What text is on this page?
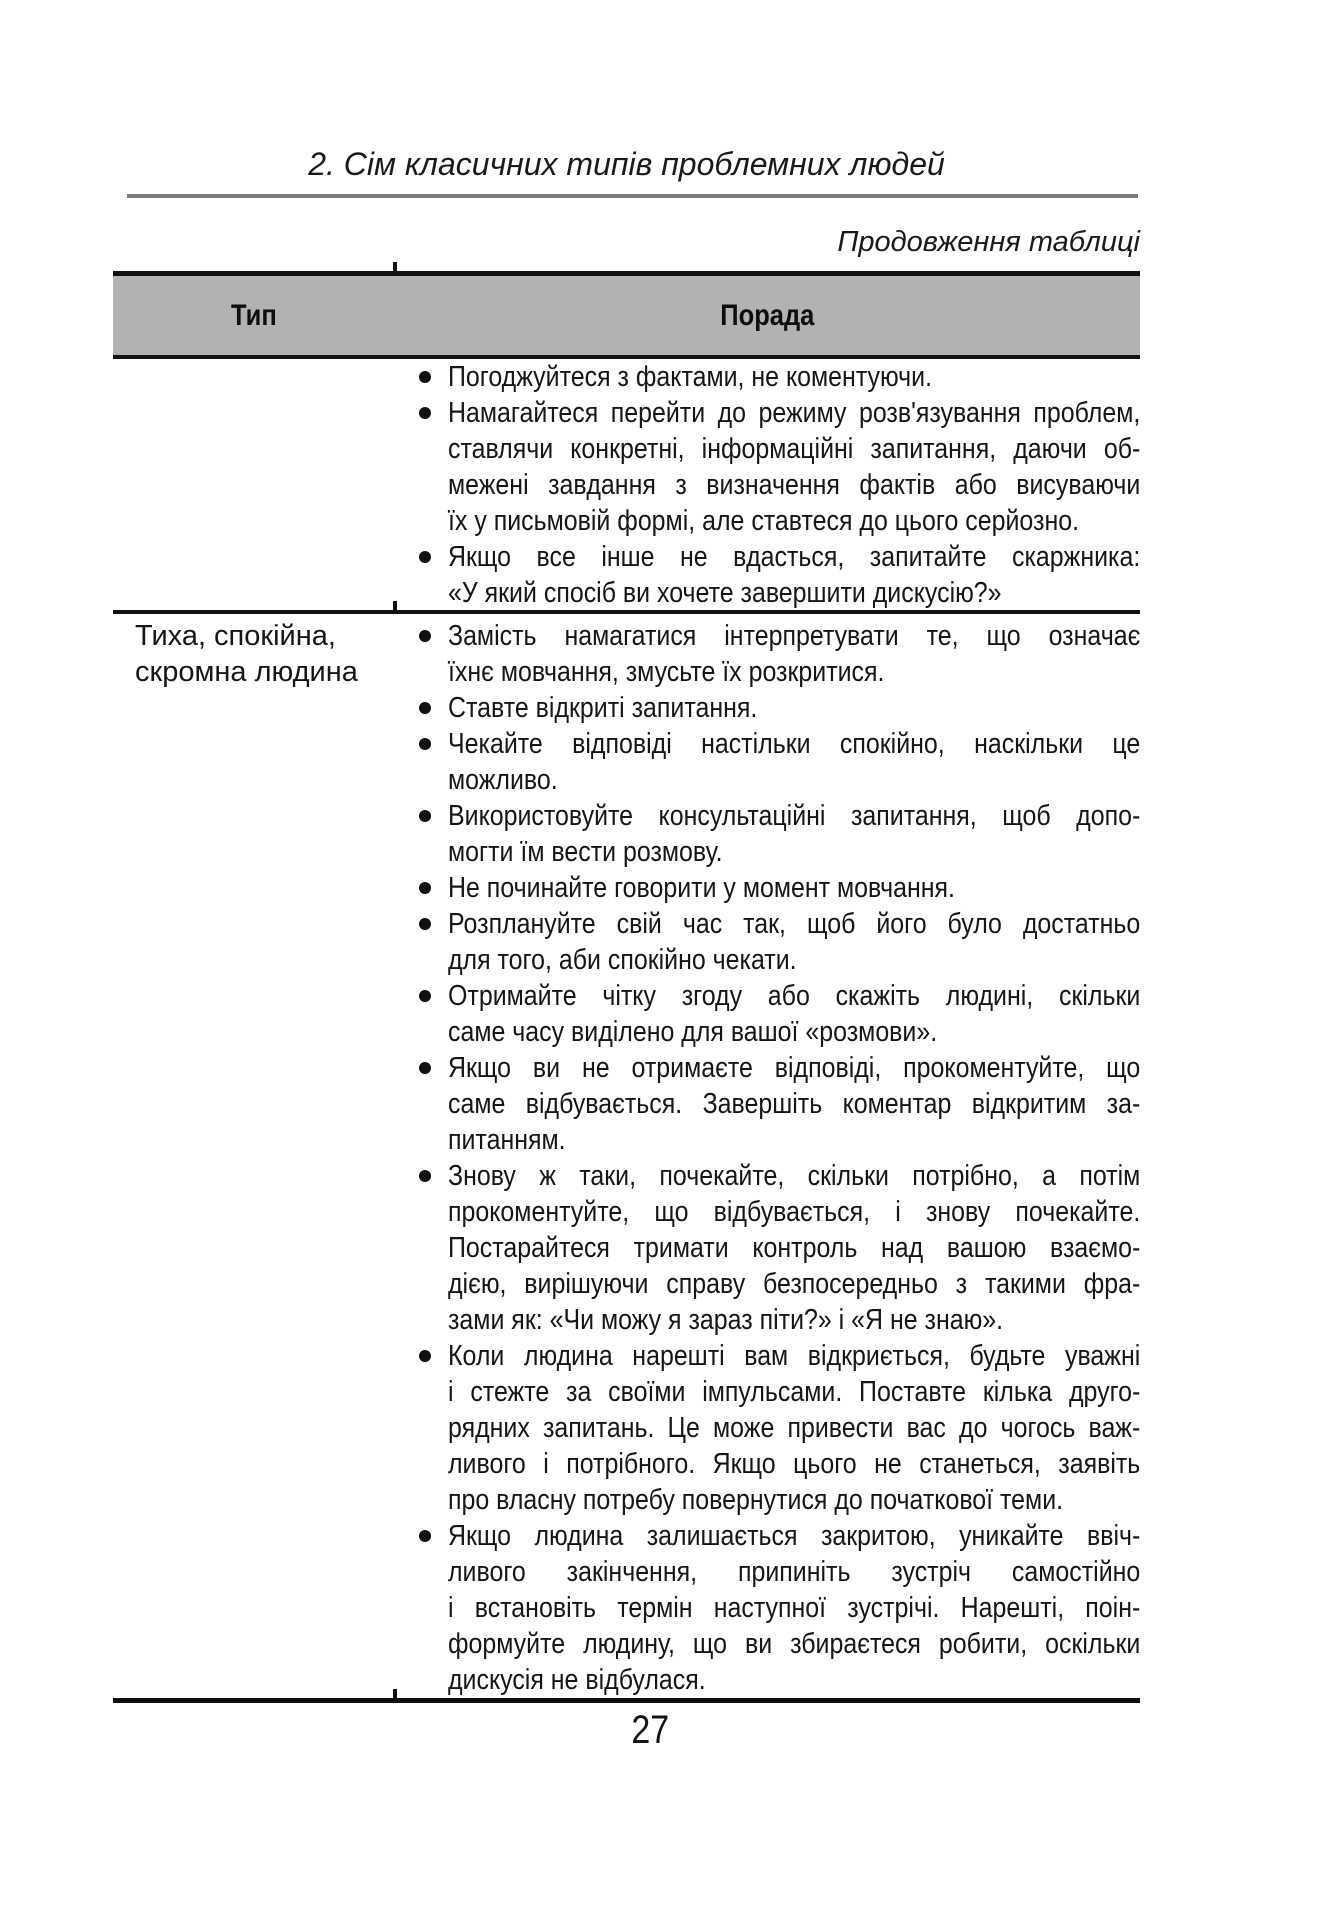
2. Сім класичних типів проблемних людей
Продовження таблиці
Тип	Порада
Погоджуйтеся з фактами, не коментуючи.
Намагайтеся перейти до режиму розв'язування проблем,
ставлячи конкретні, інформаційні запитання, даючи об-
межені завдання з визначення фактів або висуваючи
їх у письмовій формі, але ставтеся до цього серйозно.
Якщо все інше не вдасться, запитайте скаржника:
«У який спосіб ви хочете завершити дискусію?»
Тиха, спокійна,
скромна людина
Замість намагатися інтерпретувати те, що означає
їхнє мовчання, змусьте їх розкритися.
Ставте відкриті запитання.
Чекайте відповіді настільки спокійно, наскільки це
можливо.
Використовуйте консультаційні запитання, щоб допо-
могти їм вести розмову.
Не починайте говорити у момент мовчання.
Розплануйте свій час так, щоб його було достатньо
для того, аби спокійно чекати.
Отримайте чітку згоду або скажіть людині, скільки
саме часу виділено для вашої «розмови».
Якщо ви не отримаєте відповіді, прокоментуйте, що
саме відбувається. Завершіть коментар відкритим за-
питанням.
Знову ж таки, почекайте, скільки потрібно, а потім
прокоментуйте, що відбувається, і знову почекайте.
Постарайтеся тримати контроль над вашою взаємо-
дією, вирішуючи справу безпосередньо з такими фра-
зами як: «Чи можу я зараз піти?» і «Я не знаю».
Коли людина нарешті вам відкриється, будьте уважні
і стежте за своїми імпульсами. Поставте кілька друго-
рядних запитань. Це може привести вас до чогось важ-
ливого і потрібного. Якщо цього не станеться, заявіть
про власну потребу повернутися до початкової теми.
Якщо людина залишається закритою, уникайте ввіч-
ливого закінчення, припиніть зустріч самостійно
і встановіть термін наступної зустрічі. Нарешті, поін-
формуйте людину, що ви збираєтеся робити, оскільки
дискусія не відбулася.
27
